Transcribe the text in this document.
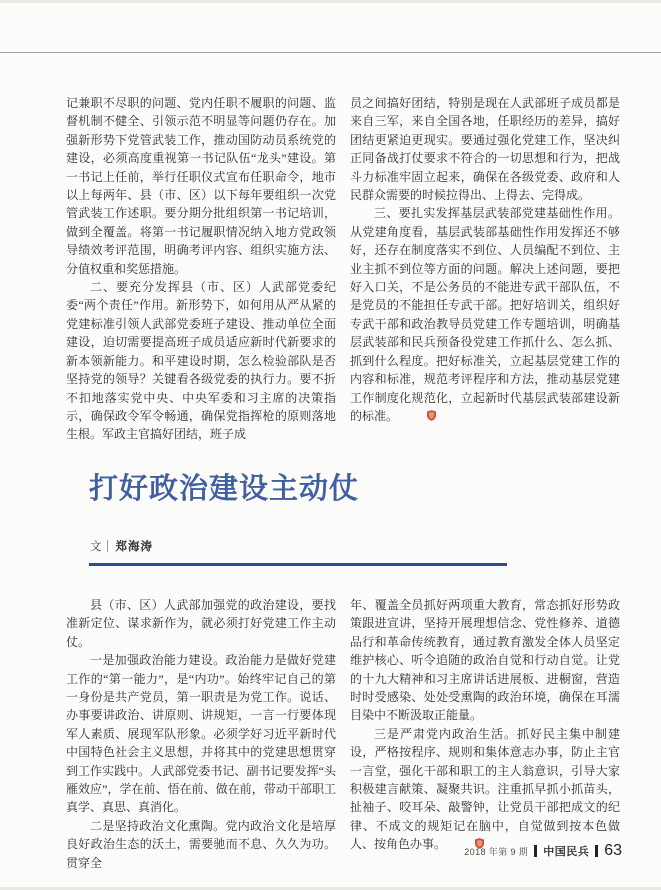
记兼职不尽职的问题、党内任职不履职的问题、监督机制不健全、引领示范不明显等问题仍存在。加强新形势下党管武装工作，推动国防动员系统党的建设，必须高度重视第一书记队伍“龙头”建设。第一书记上任前，举行任职仪式宣布任职命令，地市以上每两年、县（市、区）以下每年要组织一次党管武装工作述职。要分期分批组织第一书记培训，做到全覆盖。将第一书记履职情况纳入地方党政领导绩效考评范围，明确考评内容、组织实施方法、分值权重和奖惩措施。

二、要充分发挥县（市、区）人武部党委纪委“两个责任”作用。新形势下，如何用从严从紧的党建标准引领人武部党委班子建设、推动单位全面建设，迫切需要提高班子成员适应新时代新要求的新本领新能力。和平建设时期，怎么检验部队是否坚持党的领导？关键看各级党委的执行力。要不折不扣地落实党中央、中央军委和习主席的决策指示，确保政令军令畅通，确保党指挥枪的原则落地生根。军政主官搞好团结，班子成

员之间搞好团结，特别是现在人武部班子成员都是来自三军，来自全国各地，任职经历的差异，搞好团结更紧迫更现实。要通过强化党建工作，坚决纠正同备战打仗要求不符合的一切思想和行为，把战斗力标准牢固立起来，确保在各级党委、政府和人民群众需要的时候拉得出、上得去、完得成。

三、要扎实发挥基层武装部党建基础性作用。从党建角度看，基层武装部基础性作用发挥还不够好，还存在制度落实不到位、人员编配不到位、主业主抓不到位等方面的问题。解决上述问题，要把好入口关，不是公务员的不能进专武干部队伍，不是党员的不能担任专武干部。把好培训关，组织好专武干部和政治教导员党建工作专题培训，明确基层武装部和民兵预备役党建工作抓什么、怎么抓、抓到什么程度。把好标准关，立起基层党建工作的内容和标准，规范考评程序和方法，推动基层党建工作制度化规范化，立起新时代基层武装部建设新的标准。

打好政治建设主动仗
文 郑海涛

县（市、区）人武部加强党的政治建设，要找准新定位、谋求新作为，就必须打好党建工作主动仗。

一是加强政治能力建设。政治能力是做好党建工作的“第一能力”，是“内功”。始终牢记自己的第一身份是共产党员，第一职责是为党工作。说话、办事要讲政治、讲原则、讲规矩，一言一行要体现军人素质、展现军队形象。必须学好习近平新时代中国特色社会主义思想，并将其中的党建思想贯穿到工作实践中。人武部党委书记、副书记要发挥“头雁效应”，学在前、悟在前、做在前，带动干部职工真学、真思、真消化。

二是坚持政治文化熏陶。党内政治文化是培厚良好政治生态的沃土，需要驰而不息、久久为功。贯穿全

年、覆盖全员抓好两项重大教育，常态抓好形势政策跟进宣讲，坚持开展理想信念、党性修养、道德品行和革命传统教育，通过教育激发全体人员坚定维护核心、听令追随的政治自觉和行动自觉。让党的十九大精神和习主席讲话进展板、进橱窗，营造时时受感染、处处受熏陶的政治环境，确保在耳濡目染中不断汲取正能量。

三是严肃党内政治生活。抓好民主集中制建设，严格按程序、规则和集体意志办事，防止主官一言堂，强化干部和职工的主人翁意识，引导大家积极建言献策、凝聚共识。注重抓早抓小抓苗头，扯袖子、咬耳朵、敲警钟，让党员干部把成文的纪律、不成文的规矩记在脑中，自觉做到按本色做人、按角色办事。

2018 年第 9 期 中国民兵 63
